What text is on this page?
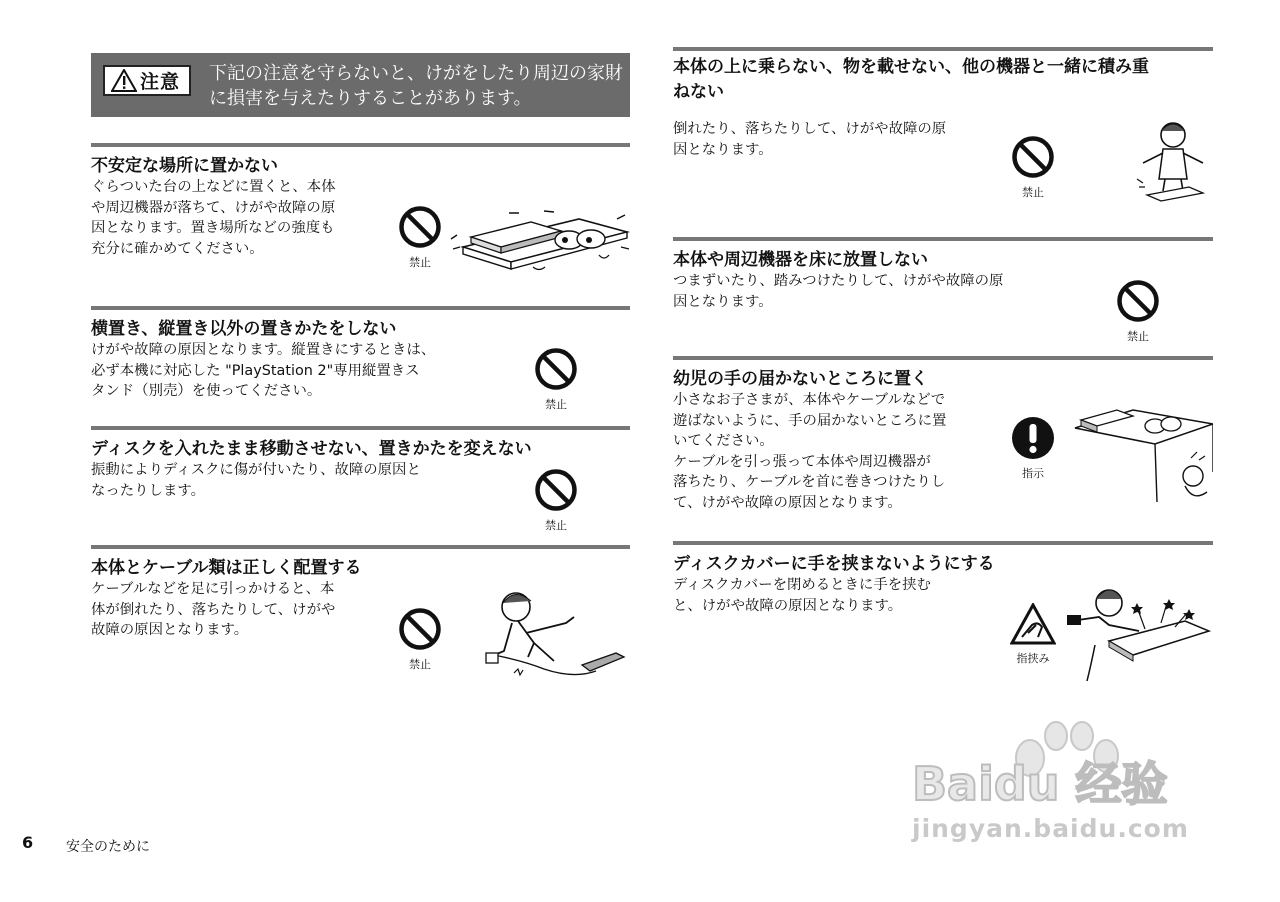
注意 下記の注意を守らないと、けがをしたり周辺の家財に損害を与えたりすることがあります。
不安定な場所に置かない
ぐらついた台の上などに置くと、本体
や周辺機器が落ちて、けがや故障の原
因となります。置き場所などの強度も
充分に確かめてください。
禁止
横置き、縦置き以外の置きかたをしない
けがや故障の原因となります。縦置きにするときは、
必ず本機に対応した "PlayStation 2"専用縦置きス
タンド（別売）を使ってください。
禁止
ディスクを入れたまま移動させない、置きかたを変えない
振動によりディスクに傷が付いたり、故障の原因と
なったりします。
禁止
本体とケーブル類は正しく配置する
ケーブルなどを足に引っかけると、本
体が倒れたり、落ちたりして、けがや
故障の原因となります。
禁止
本体の上に乗らない、物を載せない、他の機器と一緒に積み重
ねない
倒れたり、落ちたりして、けがや故障の原
因となります。
禁止
本体や周辺機器を床に放置しない
つまずいたり、踏みつけたりして、けがや故障の原
因となります。
禁止
幼児の手の届かないところに置く
小さなお子さまが、本体やケーブルなどで
遊ばないように、手の届かないところに置
いてください。
ケーブルを引っ張って本体や周辺機器が
落ちたり、ケーブルを首に巻きつけたりし
て、けがや故障の原因となります。
指示
ディスクカバーに手を挟まないようにする
ディスクカバーを閉めるときに手を挟む
と、けがや故障の原因となります。
指挟み
6 安全のために
Baidu 经验
jingyan.baidu.com
